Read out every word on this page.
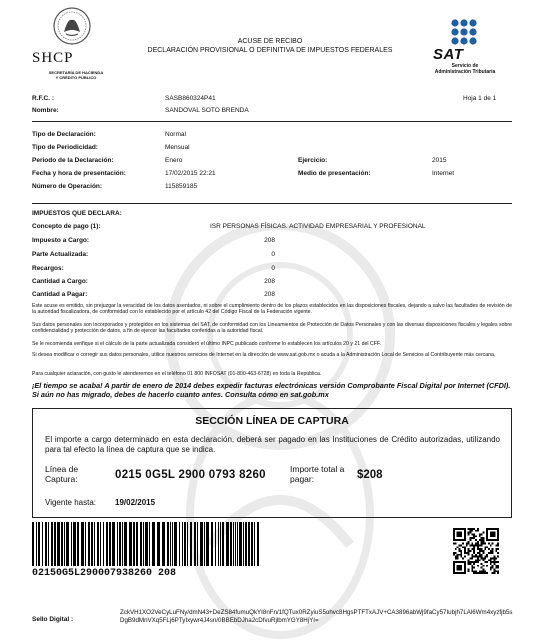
SHCP
SECRETARÍA DE HACIENDA
Y CRÉDITO PÚBLICO
ACUSE DE RECIBO
DECLARACIÓN PROVISIONAL O DEFINITIVA DE IMPUESTOS FEDERALES	SAT
Servicio de
Administración Tributaria
R.F.C. :	SASB860324P41	Hoja 1 de 1
Nombre:	SANDOVAL SOTO BRENDA
Tipo de Declaración:	Normal
Tipo de Periodicidad:	Mensual
Periodo de la Declaración:	Enero	Ejercicio:	2015
Fecha y hora de presentación:	17/02/2015 22:21	Medio de presentación:	Internet
Número de Operación:	115859185
IMPUESTOS QUE DECLARA:
Concepto de pago (1):	ISR PERSONAS FÍSICAS. ACTIVIDAD EMPRESARIAL Y PROFESIONAL
Impuesto a Cargo:	208
Parte Actualizada:	0
Recargos:	0
Cantidad a Cargo:	208
Cantidad a Pagar:	208
Este acuse es emitido, sin prejuzgar la veracidad de los datos asentados, ni sobre el cumplimiento dentro de los plazos establecidos en las disposiciones fiscales, dejando a salvo las facultades de revisión de la autoridad fiscalizadora, de conformidad con lo establecido por el artículo 42 del Código Fiscal de la Federación vigente.
Sus datos personales son incorporados y protegidos en los sistemas del SAT, de conformidad con los Lineamientos de Protección de Datos Personales y con las diversas disposiciones fiscales y legales sobre confidencialidad y protección de datos, a fin de ejercer las facultades conferidas a la autoridad fiscal.
Se le recomienda verifique si el cálculo de la parte actualizada consideró el último INPC publicado conforme lo establecen los artículos 20 y 21 del CFF.
Si desea modificar o corregir sus datos personales, utilice nuestros servicios de Internet en la dirección de www.sat.gob.mx o acuda a la Administración Local de Servicios al Contribuyente más cercana.
Para cualquier aclaración, con gusto le atenderemos en el teléfono 01 800 INFOSAT (01-800-463-6728) en toda la República.
¡El tiempo se acaba! A partir de enero de 2014 debes expedir facturas electrónicas versión Comprobante Fiscal Digital por Internet (CFDI). Si aún no has migrado, debes de hacerlo cuanto antes. Consulta cómo en sat.gob.mx
SECCIÓN LÍNEA DE CAPTURA
El importe a cargo determinado en esta declaración, deberá ser pagado en las Instituciones de Crédito autorizadas, utilizando para tal efecto la línea de captura que se indica.
Línea de Captura:	0215 0G5L 2900 0793 8260	Importe total a pagar:	$208
Vigente hasta: 19/02/2015
02150G5L290007938260 208
Sello Digital :
ZckVH1XO2VeCyLuFNy/dmN43+DeZS84fumuQkYI8nFn/1fQTux0RZyiuS5ohvc8HgsPTFTxAJV+CA3896abWj9faCy57Iubjh7LAl6Wm4xyzfjb5sDgB9dMnVXq5FLj6PTyIxywr4J4sn/0BBEbDJha2cDfvuRjlbmYGY8HjYI=
